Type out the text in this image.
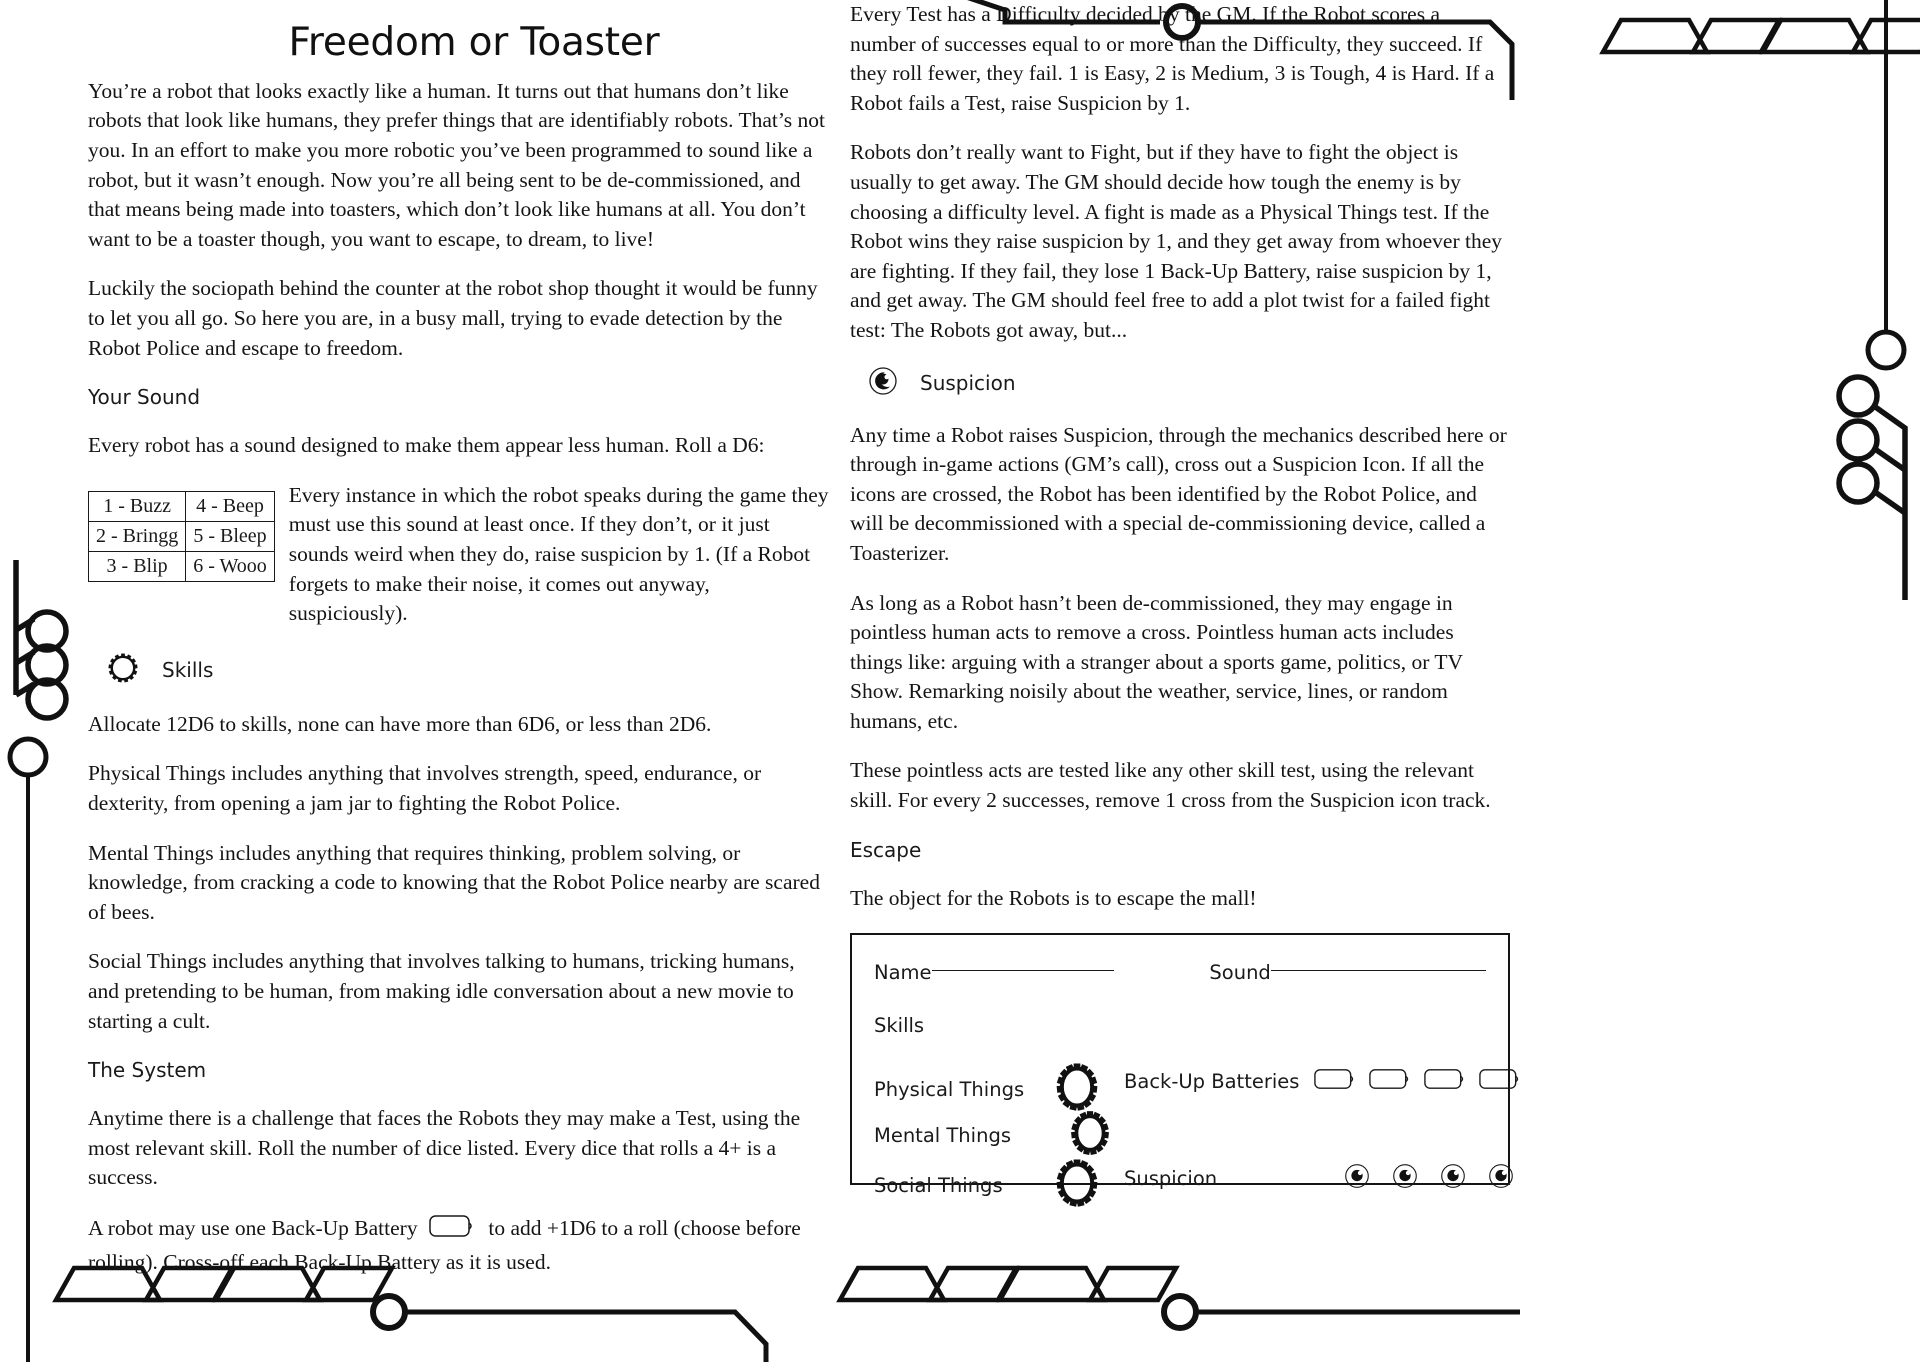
Freedom or Toaster

You’re a robot that looks exactly like a human. It turns out that humans don’t like robots that look like humans, they prefer things that are identifiably robots. That’s not you. In an effort to make you more robotic you’ve been programmed to sound like a robot, but it wasn’t enough. Now you’re all being sent to be de-commissioned, and that means being made into toasters, which don’t look like humans at all. You don’t want to be a toaster though, you want to escape, to dream, to live!

Luckily the sociopath behind the counter at the robot shop thought it would be funny to let you all go. So here you are, in a busy mall, trying to evade detection by the Robot Police and escape to freedom.

Your Sound

Every robot has a sound designed to make them appear less human. Roll a D6:

1 - Buzz	4 - Beep
2 - Bringg	5 - Bleep
3 - Blip	6 - Wooo
Every instance in which the robot speaks during the game they must use this sound at least once. If they don’t, or it just sounds weird when they do, raise suspicion by 1. (If a Robot forgets to make their noise, it comes out anyway, suspiciously).
Skills

Allocate 12D6 to skills, none can have more than 6D6, or less than 2D6.

Physical Things includes anything that involves strength, speed, endurance, or dexterity, from opening a jam jar to fighting the Robot Police.

Mental Things includes anything that requires thinking, problem solving, or knowledge, from cracking a code to knowing that the Robot Police nearby are scared of bees.

Social Things includes anything that involves talking to humans, tricking humans, and pretending to be human, from making idle conversation about a new movie to starting a cult.

The System

Anytime there is a challenge that faces the Robots they may make a Test, using the most relevant skill. Roll the number of dice listed. Every dice that rolls a 4+ is a success.

A robot may use one Back-Up Battery	to add +1D6 to a roll (choose before rolling). Cross-off each Back-Up Battery as it is used.

Every Test has a Difficulty decided by the GM. If the Robot scores a number of successes equal to or more than the Difficulty, they succeed. If they roll fewer, they fail. 1 is Easy, 2 is Medium, 3 is Tough, 4 is Hard. If a Robot fails a Test, raise Suspicion by 1.

Robots don’t really want to Fight, but if they have to fight the object is usually to get away. The GM should decide how tough the enemy is by choosing a difficulty level. A fight is made as a Physical Things test. If the Robot wins they raise suspicion by 1, and they get away from whoever they are fighting. If they fail, they lose 1 Back-Up Battery, raise suspicion by 1, and get away. The GM should feel free to add a plot twist for a failed fight test: The Robots got away, but...

Suspicion

Any time a Robot raises Suspicion, through the mechanics described here or through in-game actions (GM’s call), cross out a Suspicion Icon. If all the icons are crossed, the Robot has been identified by the Robot Police, and will be decommissioned with a special de-commissioning device, called a Toasterizer.

As long as a Robot hasn’t been de-commissioned, they may engage in pointless human acts to remove a cross. Pointless human acts includes things like: arguing with a stranger about a sports game, politics, or TV Show. Remarking noisily about the weather, service, lines, or random humans, etc.

These pointless acts are tested like any other skill test, using the relevant skill. For every 2 successes, remove 1 cross from the Suspicion icon track.

Escape

The object for the Robots is to escape the mall!

Name	Sound
Skills
Physical Things	Back-Up Batteries
Mental Things
Social Things	Suspicion
